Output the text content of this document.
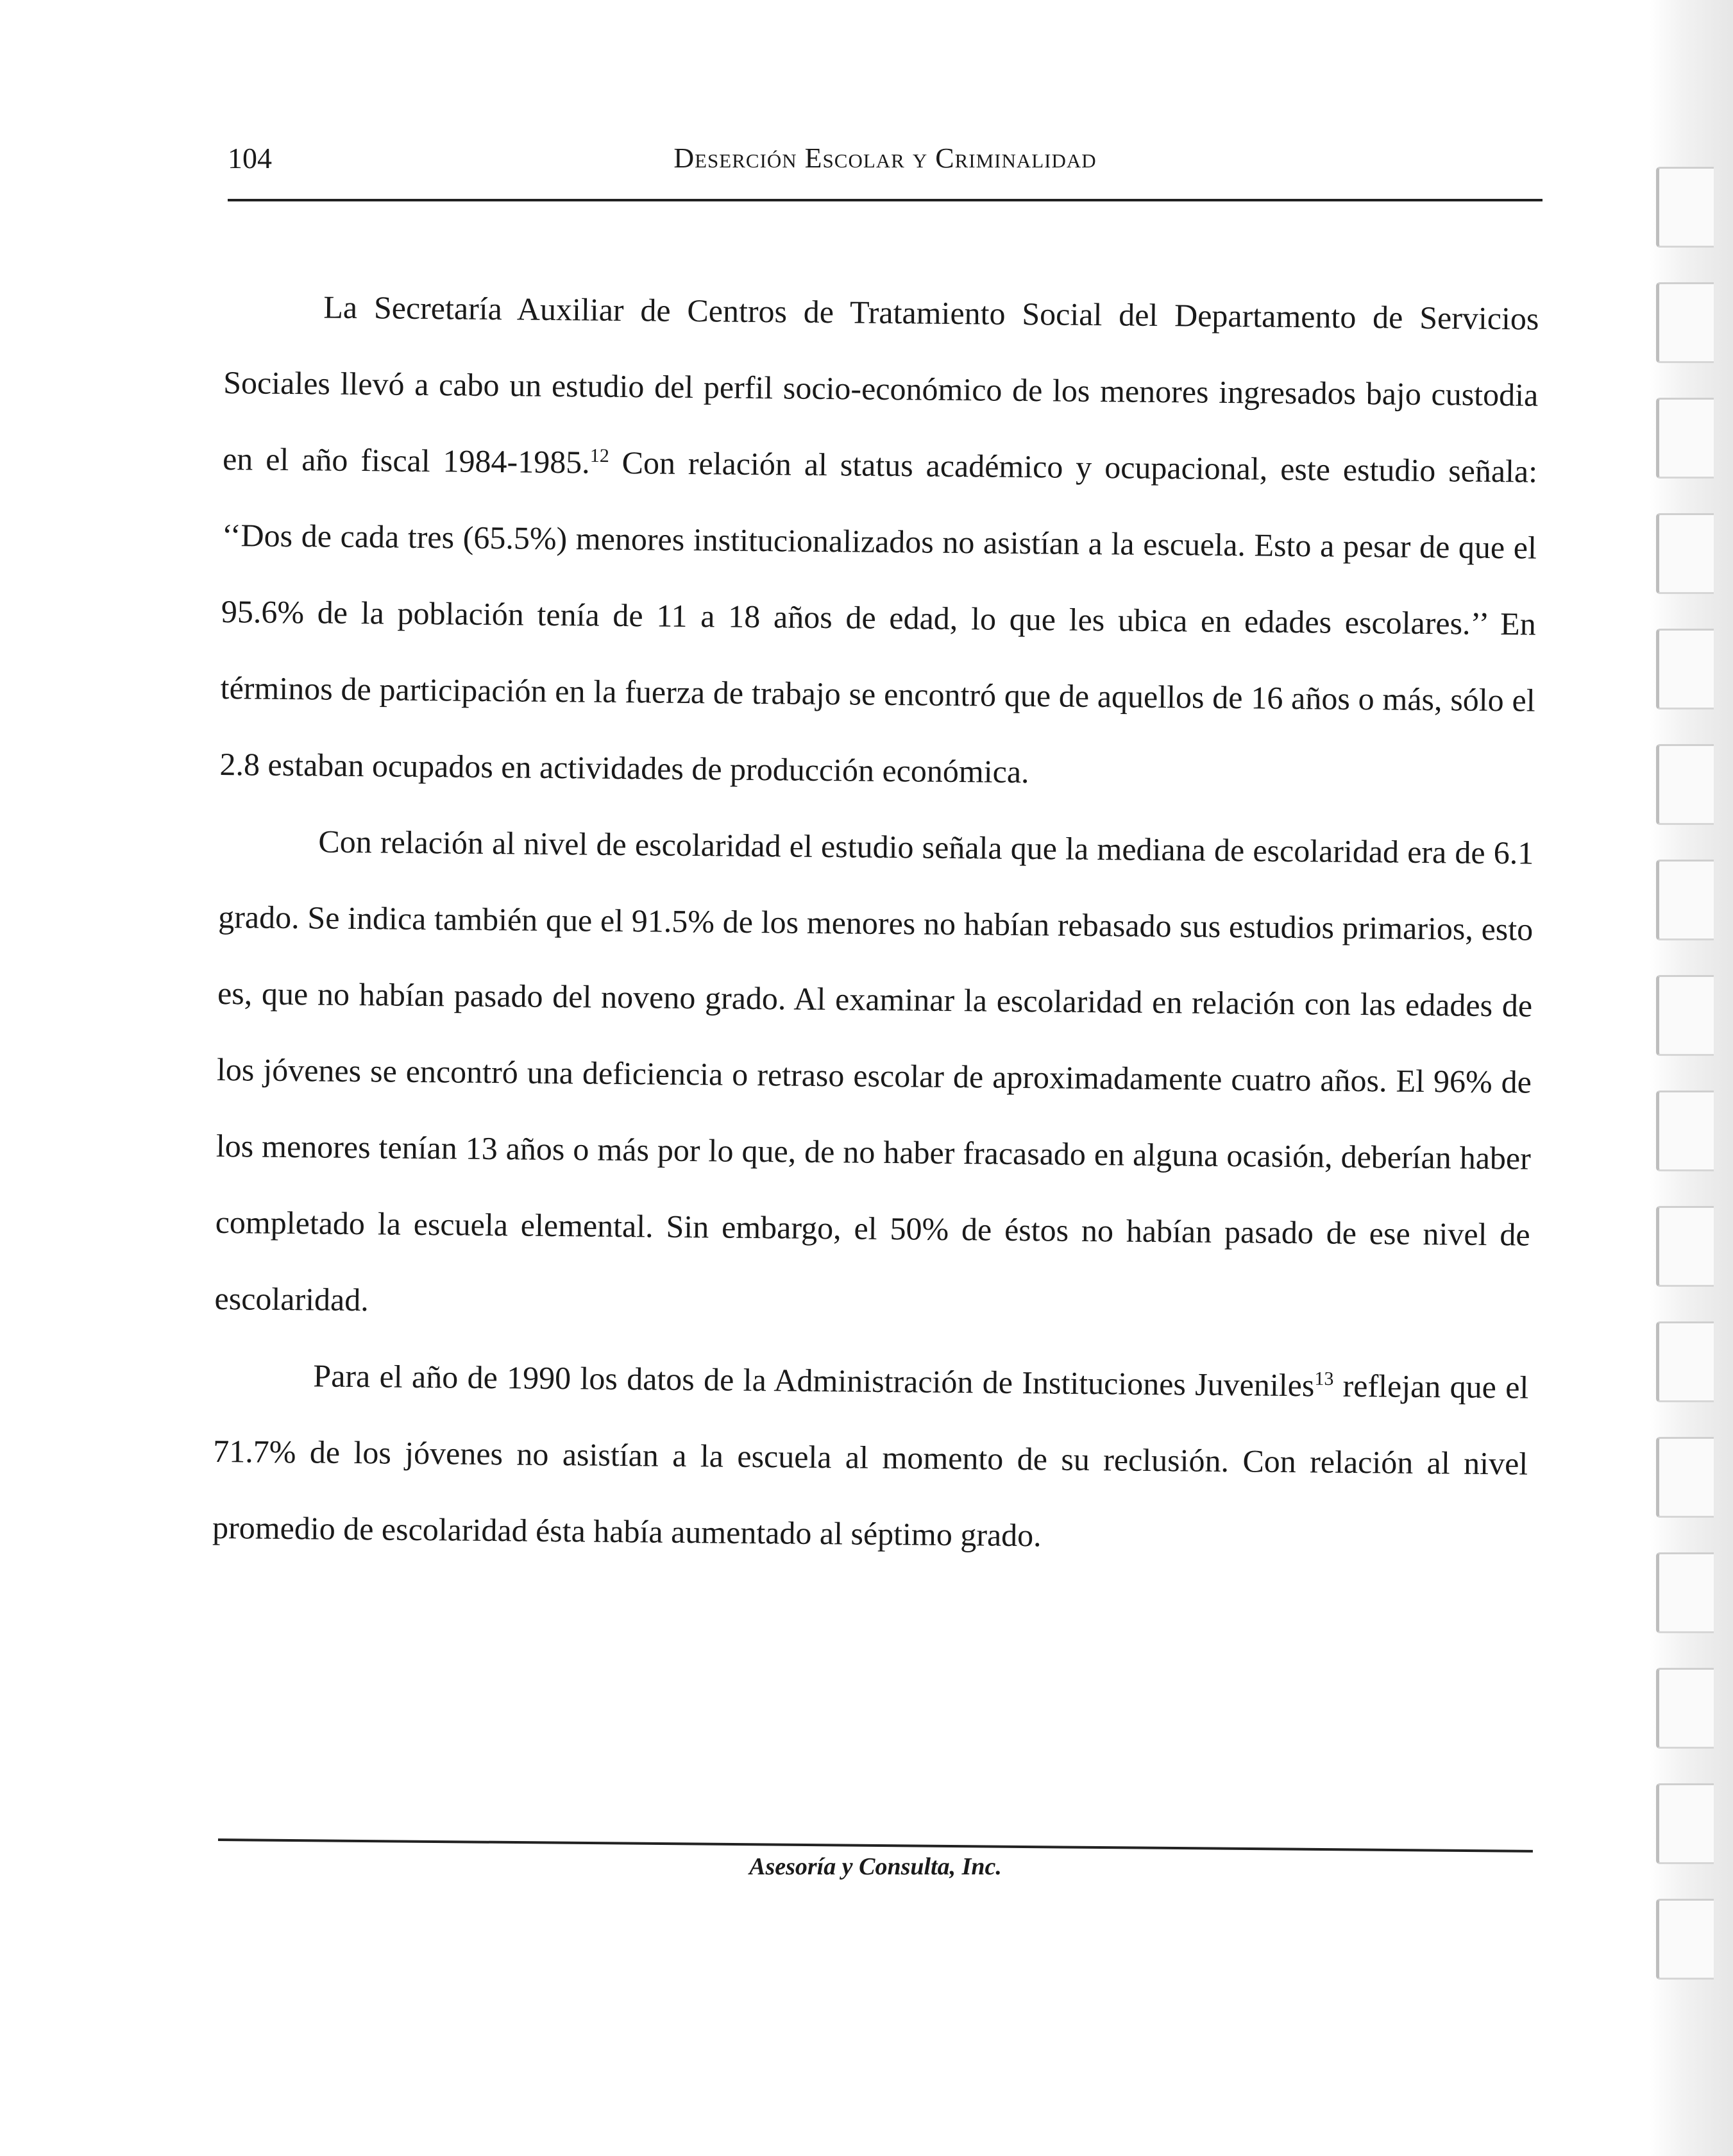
104	Deserción Escolar y Criminalidad

La Secretaría Auxiliar de Centros de Tratamiento Social del Departamento de Servicios Sociales llevó a cabo un estudio del perfil socio-económico de los menores ingresados bajo custodia en el año fiscal 1984-1985.12 Con relación al status académico y ocupacional, este estudio señala: ‘‘Dos de cada tres (65.5%) menores institucionalizados no asistían a la escuela. Esto a pesar de que el 95.6% de la población tenía de 11 a 18 años de edad, lo que les ubica en edades escolares.’’ En términos de participación en la fuerza de trabajo se encontró que de aquellos de 16 años o más, sólo el 2.8 estaban ocupados en actividades de producción económica.

Con relación al nivel de escolaridad el estudio señala que la mediana de escolaridad era de 6.1 grado. Se indica también que el 91.5% de los menores no habían rebasado sus estudios primarios, esto es, que no habían pasado del noveno grado. Al examinar la escolaridad en relación con las edades de los jóvenes se encontró una deficiencia o retraso escolar de aproximadamente cuatro años. El 96% de los menores tenían 13 años o más por lo que, de no haber fracasado en alguna ocasión, deberían haber completado la escuela elemental. Sin embargo, el 50% de éstos no habían pasado de ese nivel de escolaridad.

Para el año de 1990 los datos de la Administración de Instituciones Juveniles$^{13}$ reflejan que el 71.7% de los jóvenes no asistían a la escuela al momento de su reclusión. Con relación al nivel promedio de escolaridad ésta había aumentado al séptimo grado.

Asesoría y Consulta, Inc.
